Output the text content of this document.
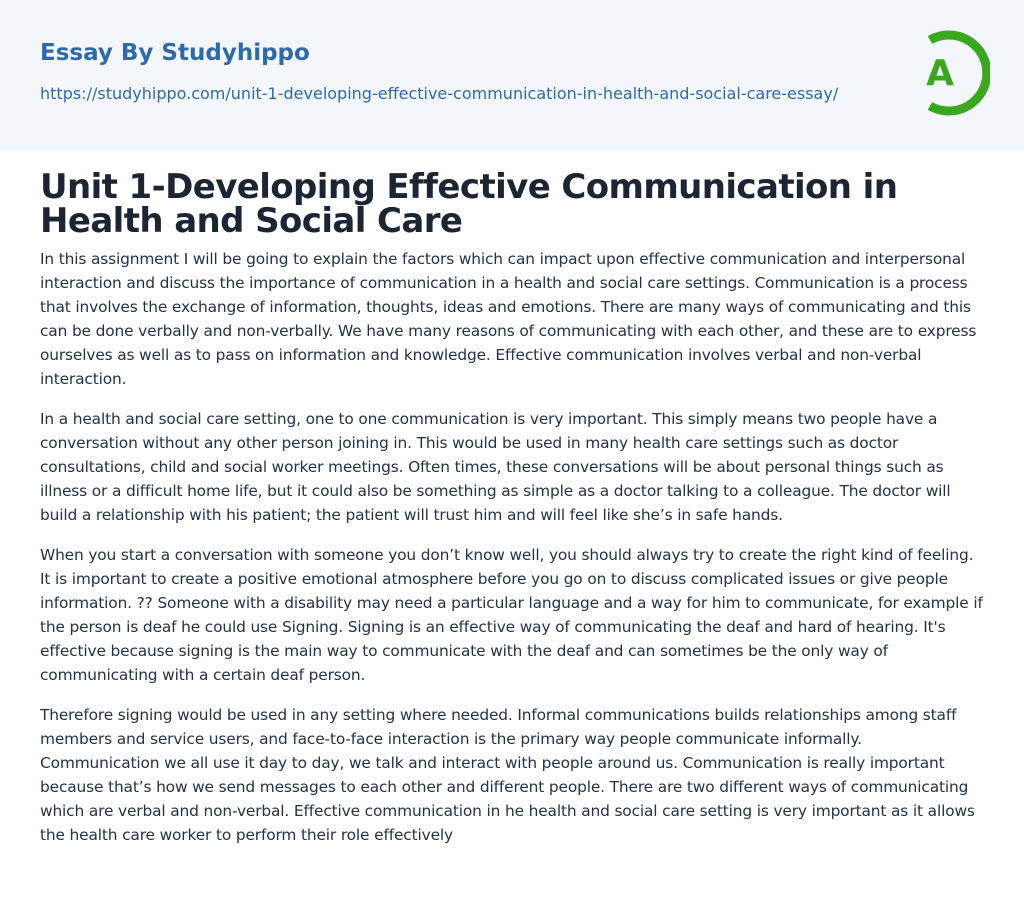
Essay By Studyhippo
https://studyhippo.com/unit-1-developing-effective-communication-in-health-and-social-care-essay/ A
Unit 1-Developing Effective Communication in Health and Social Care

In this assignment I will be going to explain the factors which can impact upon effective communication and interpersonal interaction and discuss the importance of communication in a health and social care settings. Communication is a process that involves the exchange of information, thoughts, ideas and emotions. There are many ways of communicating and this can be done verbally and non-verbally. We have many reasons of communicating with each other, and these are to express ourselves as well as to pass on information and knowledge. Effective communication involves verbal and non-verbal interaction.

In a health and social care setting, one to one communication is very important. This simply means two people have a conversation without any other person joining in. This would be used in many health care settings such as doctor consultations, child and social worker meetings. Often times, these conversations will be about personal things such as illness or a difficult home life, but it could also be something as simple as a doctor talking to a colleague. The doctor will build a relationship with his patient; the patient will trust him and will feel like she’s in safe hands.

When you start a conversation with someone you don’t know well, you should always try to create the right kind of feeling. It is important to create a positive emotional atmosphere before you go on to discuss complicated issues or give people information. ?? Someone with a disability may need a particular language and a way for him to communicate, for example if the person is deaf he could use Signing. Signing is an effective way of communicating the deaf and hard of hearing. It's effective because signing is the main way to communicate with the deaf and can sometimes be the only way of communicating with a certain deaf person.

Therefore signing would be used in any setting where needed. Informal communications builds relationships among staff members and service users, and face-to-face interaction is the primary way people communicate informally. Communication we all use it day to day, we talk and interact with people around us. Communication is really important because that’s how we send messages to each other and different people. There are two different ways of communicating which are verbal and non-verbal. Effective communication in he health and social care setting is very important as it allows the health care worker to perform their role effectively
